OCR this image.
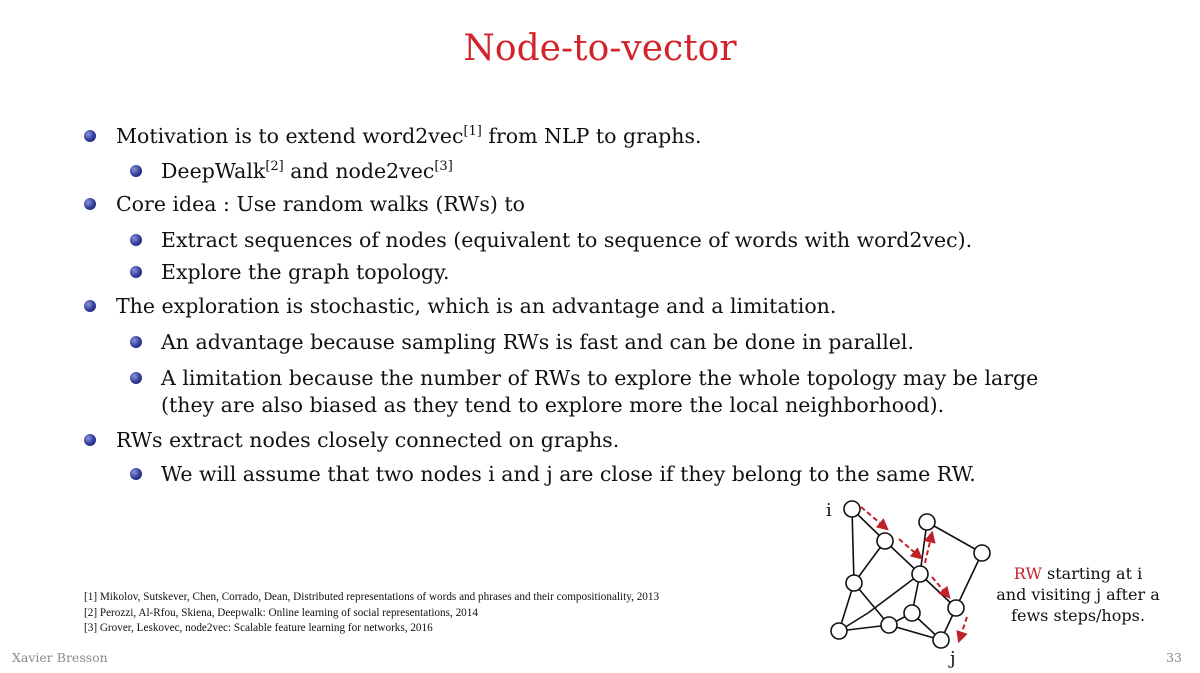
Node-to-vector
Motivation is to extend word2vec[1] from NLP to graphs.
DeepWalk[2] and node2vec[3]
Core idea : Use random walks (RWs) to
Extract sequences of nodes (equivalent to sequence of words with word2vec).
Explore the graph topology.
The exploration is stochastic, which is an advantage and a limitation.
An advantage because sampling RWs is fast and can be done in parallel.
A limitation because the number of RWs to explore the whole topology may be large
(they are also biased as they tend to explore more the local neighborhood).
RWs extract nodes closely connected on graphs.
We will assume that two nodes i and j are close if they belong to the same RW.
[1] Mikolov, Sutskever, Chen, Corrado, Dean, Distributed representations of words and phrases and their compositionality, 2013
[2] Perozzi, Al-Rfou, Skiena, Deepwalk: Online learning of social representations, 2014
[3] Grover, Leskovec, node2vec: Scalable feature learning for networks, 2016
i
j
RW starting at i
and visiting j after a
fews steps/hops.
Xavier Bresson	33
